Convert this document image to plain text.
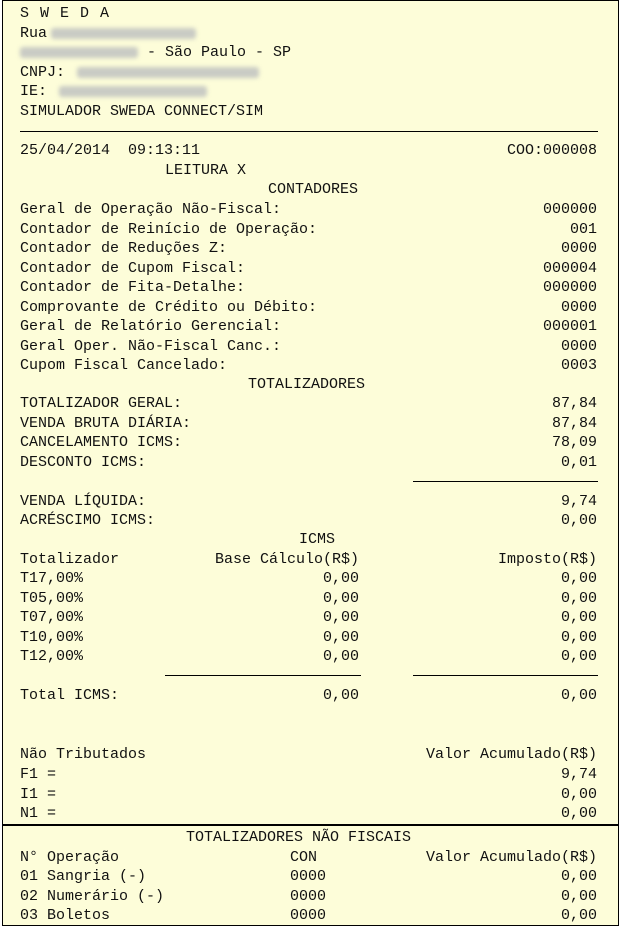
S W E D A
Rua
- São Paulo - SP
CNPJ:
IE:
SIMULADOR SWEDA CONNECT/SIM
25/04/2014  09:13:11	COO:000008
LEITURA X
CONTADORES
Geral de Operação Não-Fiscal:	000000
Contador de Reinício de Operação:	001
Contador de Reduções Z:	0000
Contador de Cupom Fiscal:	000004
Contador de Fita-Detalhe:	000000
Comprovante de Crédito ou Débito:	0000
Geral de Relatório Gerencial:	000001
Geral Oper. Não-Fiscal Canc.:	0000
Cupom Fiscal Cancelado:	0003
TOTALIZADORES
TOTALIZADOR GERAL:	87,84
VENDA BRUTA DIÁRIA:	87,84
CANCELAMENTO ICMS:	78,09
DESCONTO ICMS:	0,01
VENDA LÍQUIDA:	9,74
ACRÉSCIMO ICMS:	0,00
ICMS
Totalizador	Base Cálculo(R$)	Imposto(R$)
T17,00%	0,00	0,00
T05,00%	0,00	0,00
T07,00%	0,00	0,00
T10,00%	0,00	0,00
T12,00%	0,00	0,00
Total ICMS:	0,00	0,00
Não Tributados	Valor Acumulado(R$)
F1 =	9,74
I1 =	0,00
N1 =	0,00
TOTALIZADORES NÃO FISCAIS
N° Operação	CON	Valor Acumulado(R$)
01 Sangria (-)	0000	0,00
02 Numerário (-)	0000	0,00
03 Boletos	0000	0,00
